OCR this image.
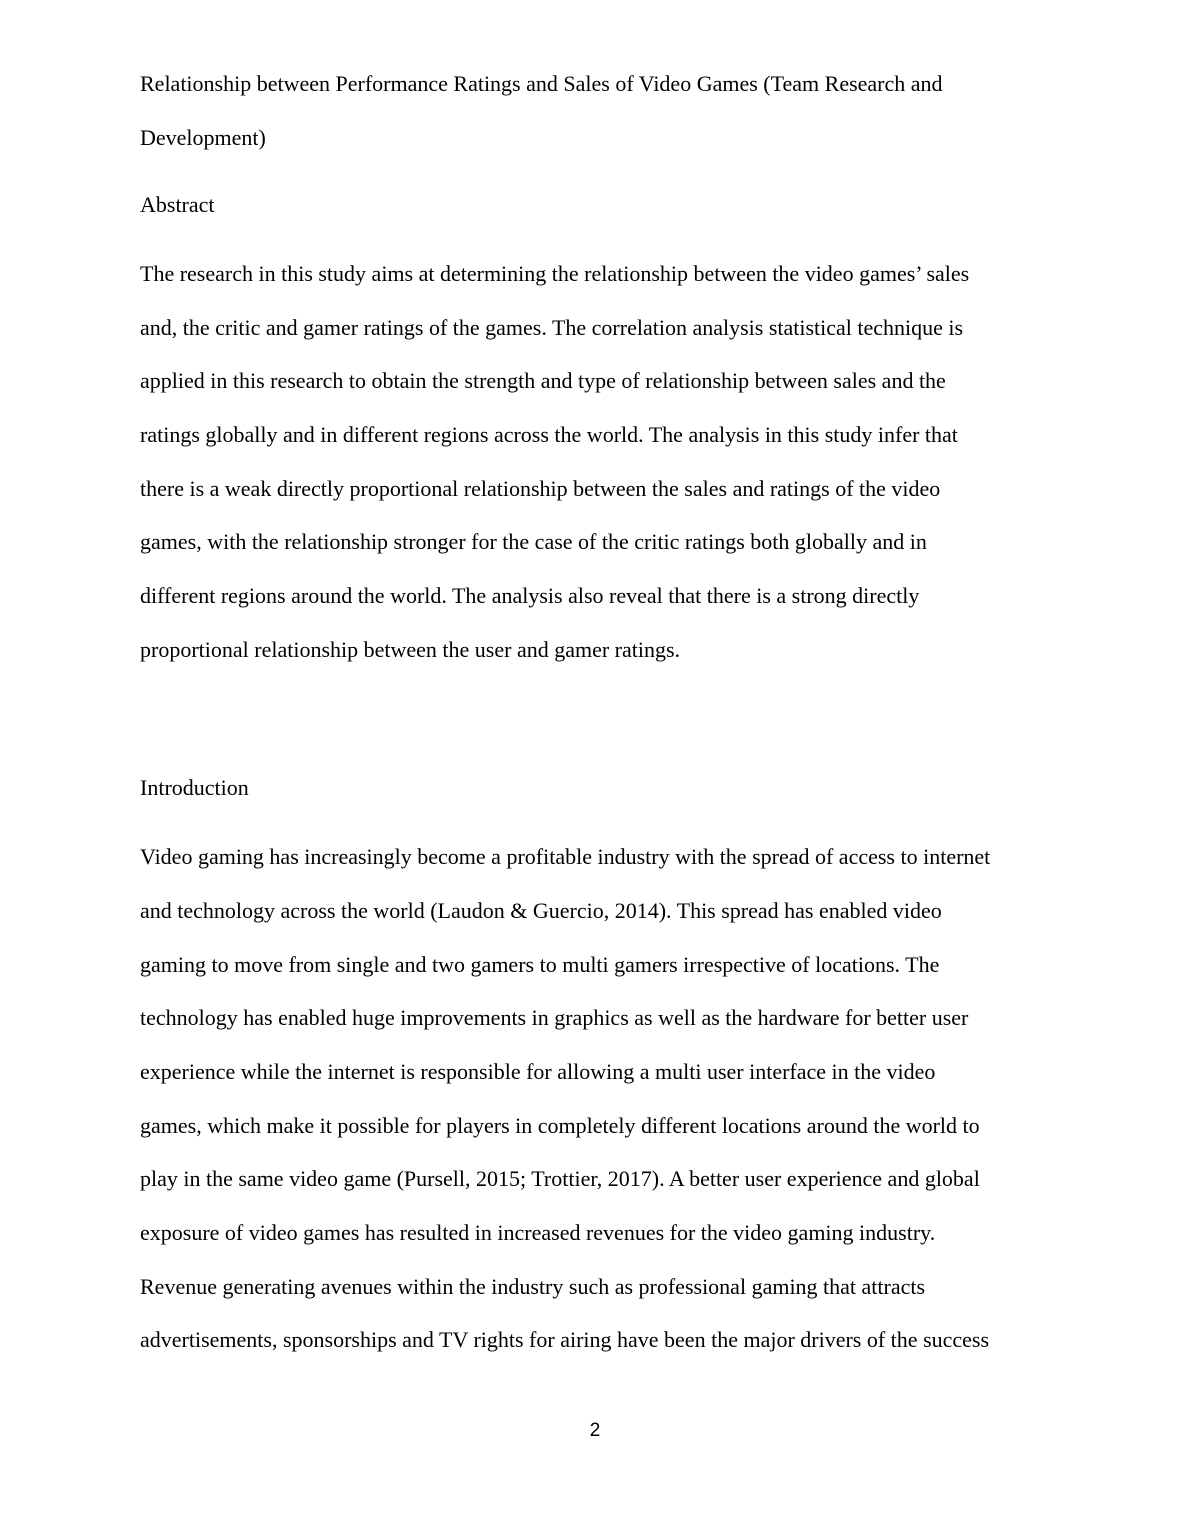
Relationship between Performance Ratings and Sales of Video Games (Team Research and
Development)
Abstract
The research in this study aims at determining the relationship between the video games’ sales
and, the critic and gamer ratings of the games. The correlation analysis statistical technique is
applied in this research to obtain the strength and type of relationship between sales and the
ratings globally and in different regions across the world. The analysis in this study infer that
there is a weak directly proportional relationship between the sales and ratings of the video
games, with the relationship stronger for the case of the critic ratings both globally and in
different regions around the world. The analysis also reveal that there is a strong directly
proportional relationship between the user and gamer ratings.
Introduction
Video gaming has increasingly become a profitable industry with the spread of access to internet
and technology across the world (Laudon & Guercio, 2014). This spread has enabled video
gaming to move from single and two gamers to multi gamers irrespective of locations. The
technology has enabled huge improvements in graphics as well as the hardware for better user
experience while the internet is responsible for allowing a multi user interface in the video
games, which make it possible for players in completely different locations around the world to
play in the same video game (Pursell, 2015; Trottier, 2017). A better user experience and global
exposure of video games has resulted in increased revenues for the video gaming industry.
Revenue generating avenues within the industry such as professional gaming that attracts
advertisements, sponsorships and TV rights for airing have been the major drivers of the success
2
